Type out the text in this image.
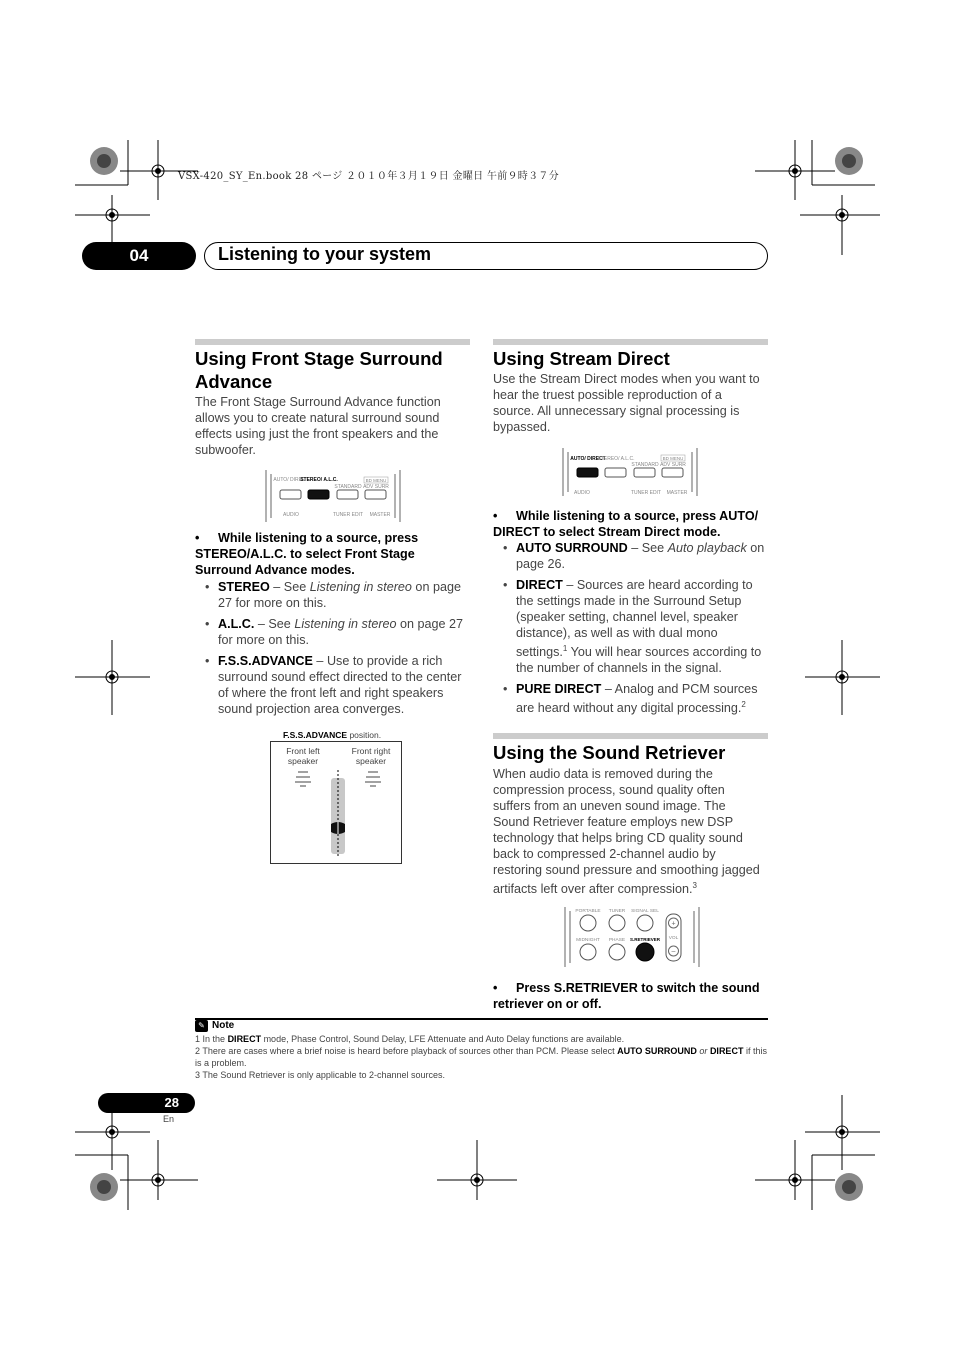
VSX-420_SY_En.book 28 ページ ２０１０年３月１９日 金曜日 午前９時３７分
04	Listening to your system
Using Front Stage Surround Advance
The Front Stage Surround Advance function allows you to create natural surround sound effects using just the front speakers and the subwoofer.
AUTO/ DIRECT
STEREO/ A.L.C.
STANDARD
BD MENU
ADV SURR
AUDIO	TUNER EDIT MASTER
• While listening to a source, press STEREO/A.L.C. to select Front Stage Surround Advance modes.
• STEREO – See Listening in stereo on page 27 for more on this.
• A.L.C. – See Listening in stereo on page 27 for more on this.
• F.S.S.ADVANCE – Use to provide a rich surround sound effect directed to the center of where the front left and right speakers sound projection area converges.
F.S.S.ADVANCE position.
Front left speaker
Front right speaker
Using Stream Direct
Use the Stream Direct modes when you want to hear the truest possible reproduction of a source. All unnecessary signal processing is bypassed.
AUTO/ DIRECT
STEREO/ A.L.C.
STANDARD
BD MENU
ADV SURR
AUDIO	TUNER EDIT MASTER
• While listening to a source, press AUTO/ DIRECT to select Stream Direct mode.
• AUTO SURROUND – See Auto playback on page 26.
• DIRECT – Sources are heard according to the settings made in the Surround Setup (speaker setting, channel level, speaker distance), as well as with dual mono settings.$^1$ You will hear sources according to the number of channels in the signal.
• PURE DIRECT – Analog and PCM sources are heard without any digital processing.$^2$
Using the Sound Retriever
When audio data is removed during the compression process, sound quality often suffers from an uneven sound image. The Sound Retriever feature employs new DSP technology that helps bring CD quality sound back to compressed 2-channel audio by restoring sound pressure and smoothing jagged artifacts left over after compression.$^3$
PORTABLE TUNER SIGNAL SEL
MIDNIGHT PHASE S.RETRIEVER
+
VOL
–
• Press S.RETRIEVER to switch the sound retriever on or off.
✎ Note
1 In the DIRECT mode, Phase Control, Sound Delay, LFE Attenuate and Auto Delay functions are available.
2 There are cases where a brief noise is heard before playback of sources other than PCM. Please select AUTO SURROUND or DIRECT if this is a problem.
3 The Sound Retriever is only applicable to 2-channel sources.
28
En
